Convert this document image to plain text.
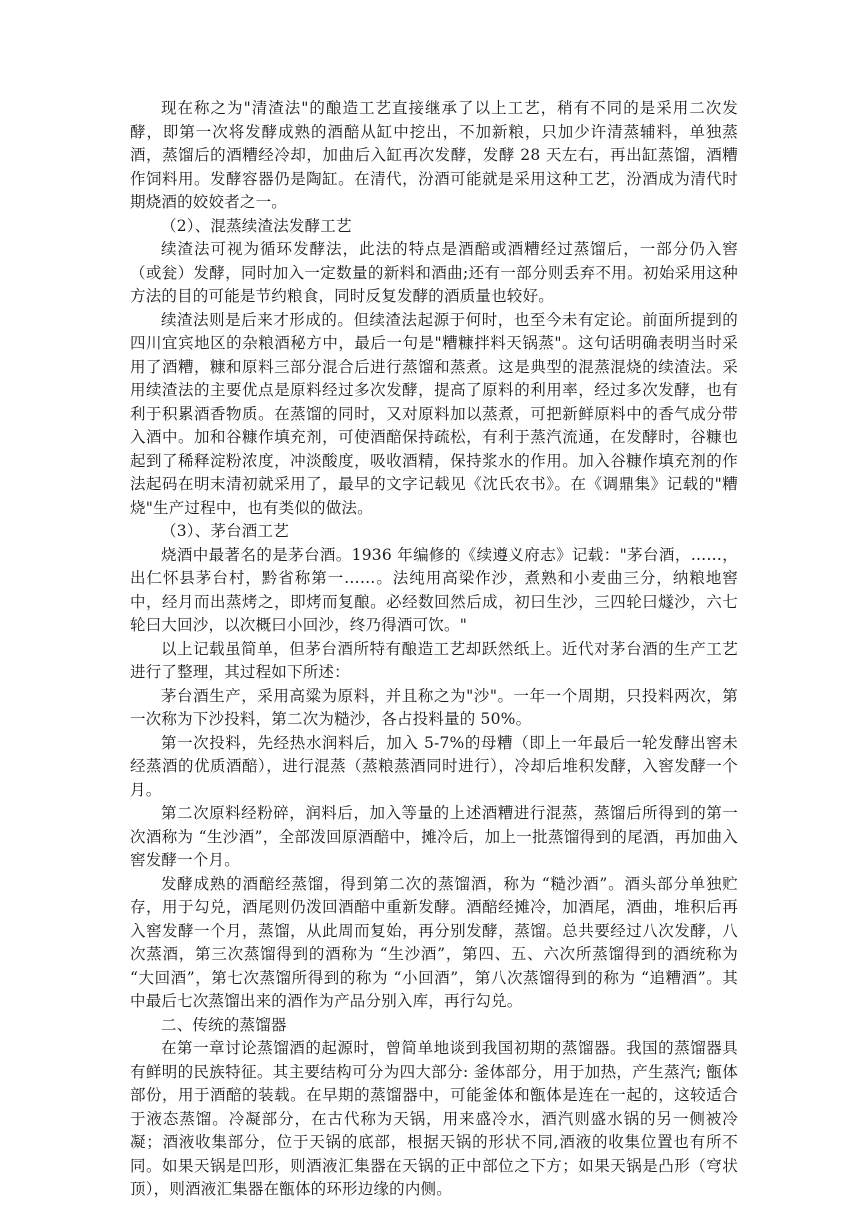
现在称之为"清渣法"的酿造工艺直接继承了以上工艺，稍有不同的是采用二次发酵，即第一次将发酵成熟的酒醅从缸中挖出，不加新粮，只加少许清蒸辅料，单独蒸酒，蒸馏后的酒糟经冷却，加曲后入缸再次发酵，发酵 28 天左右，再出缸蒸馏，酒糟作饲料用。发酵容器仍是陶缸。在清代，汾酒可能就是采用这种工艺，汾酒成为清代时期烧酒的姣姣者之一。

（2）、混蒸续渣法发酵工艺

续渣法可视为循环发酵法，此法的特点是酒醅或酒糟经过蒸馏后，一部分仍入窖（或瓮）发酵，同时加入一定数量的新料和酒曲;还有一部分则丢弃不用。初始采用这种方法的目的可能是节约粮食，同时反复发酵的酒质量也较好。

续渣法则是后来才形成的。但续渣法起源于何时，也至今未有定论。前面所提到的四川宜宾地区的杂粮酒秘方中，最后一句是"糟糠拌料天锅蒸"。这句话明确表明当时采用了酒糟，糠和原料三部分混合后进行蒸馏和蒸煮。这是典型的混蒸混烧的续渣法。采用续渣法的主要优点是原料经过多次发酵，提高了原料的利用率，经过多次发酵，也有利于积累酒香物质。在蒸馏的同时，又对原料加以蒸煮，可把新鲜原料中的香气成分带入酒中。加和谷糠作填充剂，可使酒醅保持疏松，有利于蒸汽流通，在发酵时，谷糠也起到了稀释淀粉浓度，冲淡酸度，吸收酒精，保持浆水的作用。加入谷糠作填充剂的作法起码在明末清初就采用了，最早的文字记载见《沈氏农书》。在《调鼎集》记载的"糟烧"生产过程中，也有类似的做法。

（3）、茅台酒工艺

烧酒中最著名的是茅台酒。1936 年编修的《续遵义府志》记载："茅台酒，……，出仁怀县茅台村，黔省称第一……。法纯用高梁作沙，煮熟和小麦曲三分，纳粮地窖中，经月而出蒸烤之，即烤而复酿。必经数回然后成，初曰生沙，三四轮曰燧沙，六七轮曰大回沙，以次概曰小回沙，终乃得酒可饮。"

以上记载虽简单，但茅台酒所特有酿造工艺却跃然纸上。近代对茅台酒的生产工艺进行了整理，其过程如下所述：

茅台酒生产，采用高粱为原料，并且称之为"沙"。一年一个周期，只投料两次，第一次称为下沙投料，第二次为糙沙，各占投料量的 50%。

第一次投料，先经热水润料后，加入 5-7%的母糟（即上一年最后一轮发酵出窖未经蒸酒的优质酒醅），进行混蒸（蒸粮蒸酒同时进行），冷却后堆积发酵，入窖发酵一个月。

第二次原料经粉碎，润料后，加入等量的上述酒糟进行混蒸，蒸馏后所得到的第一次酒称为 “生沙酒”，全部泼回原酒醅中，摊冷后，加上一批蒸馏得到的尾酒，再加曲入窖发酵一个月。

发酵成熟的酒醅经蒸馏，得到第二次的蒸馏酒，称为 “糙沙酒”。酒头部分单独贮存，用于勾兑，酒尾则仍泼回酒醅中重新发酵。酒醅经摊冷，加酒尾，酒曲，堆积后再入窖发酵一个月，蒸馏，从此周而复始，再分别发酵，蒸馏。总共要经过八次发酵，八次蒸酒，第三次蒸馏得到的酒称为 “生沙酒”，第四、五、六次所蒸馏得到的酒统称为 “大回酒”，第七次蒸馏所得到的称为 “小回酒”，第八次蒸馏得到的称为 “追糟酒”。其中最后七次蒸馏出来的酒作为产品分别入库，再行勾兑。

二、传统的蒸馏器

在第一章讨论蒸馏酒的起源时，曾简单地谈到我国初期的蒸馏器。我国的蒸馏器具有鲜明的民族特征。其主要结构可分为四大部分: 釜体部分，用于加热，产生蒸汽; 甑体部份，用于酒醅的装载。在早期的蒸馏器中，可能釜体和甑体是连在一起的，这较适合于液态蒸馏。冷凝部分，在古代称为天锅，用来盛冷水，酒汽则盛水锅的另一侧被冷凝；酒液收集部分，位于天锅的底部，根据天锅的形状不同,酒液的收集位置也有所不同。如果天锅是凹形，则酒液汇集器在天锅的正中部位之下方；如果天锅是凸形（穹状顶），则酒液汇集器在甑体的环形边缘的内侧。
